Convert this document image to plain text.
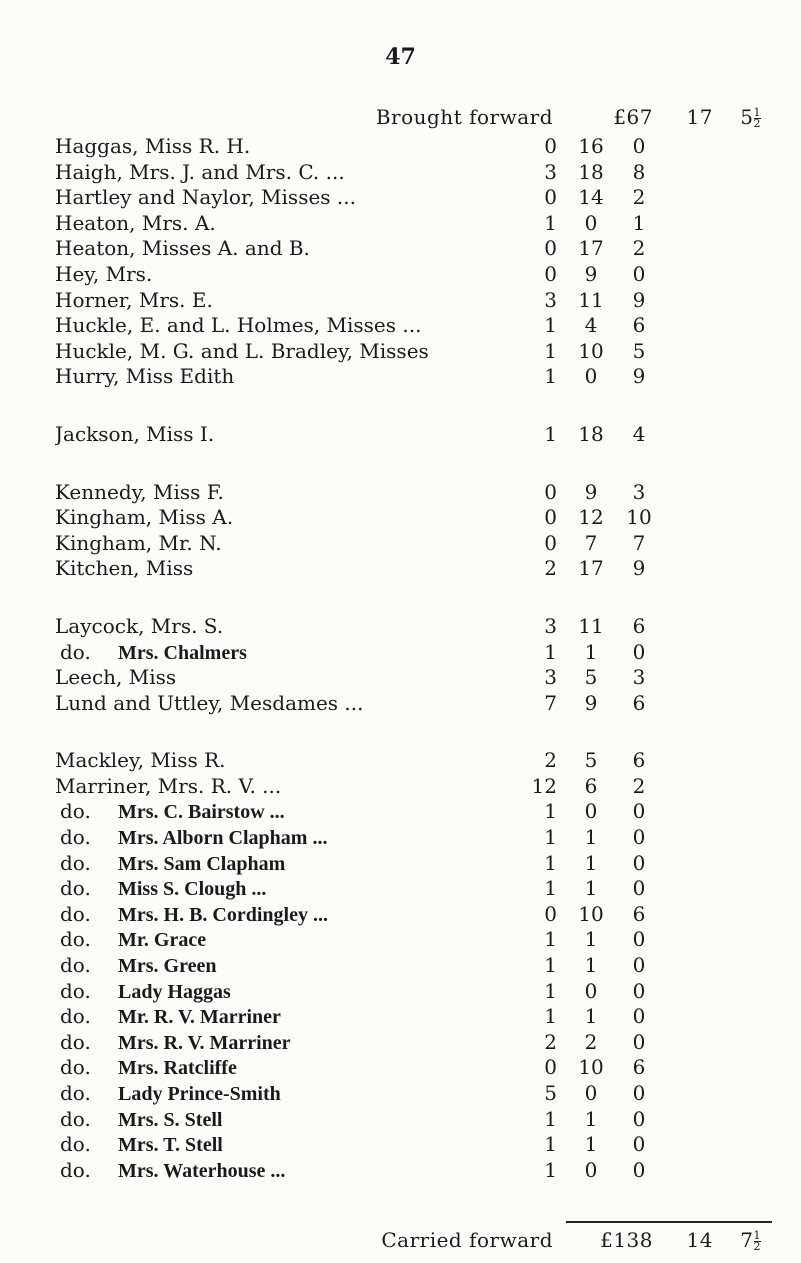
47
Brought forward	£67 17 $5 \frac{1}{2}$
Haggas, Miss R. H.	0	16	0
Haigh, Mrs. J. and Mrs. C. ...	3	18	8
Hartley and Naylor, Misses ...	0	14	2
Heaton, Mrs. A.	1	0	1
Heaton, Misses A. and B.	0	17	2
Hey, Mrs.	0	9	0
Horner, Mrs. E.	3	11	9
Huckle, E. and L. Holmes, Misses ...	1	4	6
Huckle, M. G. and L. Bradley, Misses	1	10	5
Hurry, Miss Edith	1	0	9
Jackson, Miss I.	1	18	4
Kennedy, Miss F.	0	9	3
Kingham, Miss A.	0	12	10
Kingham, Mr. N.	0	7	7
Kitchen, Miss	2	17	9
Laycock, Mrs. S.	3	11	6
do. Mrs. Chalmers	1	1	0
Leech, Miss	3	5	3
Lund and Uttley, Mesdames ...	7	9	6
Mackley, Miss R.	2	5	6
Marriner, Mrs. R. V. ...	12	6	2
do. Mrs. C. Bairstow ...	1	0	0
do. Mrs. Alborn Clapham ...	1	1	0
do. Mrs. Sam Clapham	1	1	0
do. Miss S. Clough ...	1	1	0
do. Mrs. H. B. Cordingley ...	0	10	6
do. Mr. Grace	1	1	0
do. Mrs. Green	1	1	0
do. Lady Haggas	1	0	0
do. Mr. R. V. Marriner	1	1	0
do. Mrs. R. V. Marriner	2	2	0
do. Mrs. Ratcliffe	0	10	6
do. Lady Prince-Smith	5	0	0
do. Mrs. S. Stell	1	1	0
do. Mrs. T. Stell	1	1	0
do. Mrs. Waterhouse ...	1	0	0
Carried forward £138 14 $7 \frac{1}{2}$
